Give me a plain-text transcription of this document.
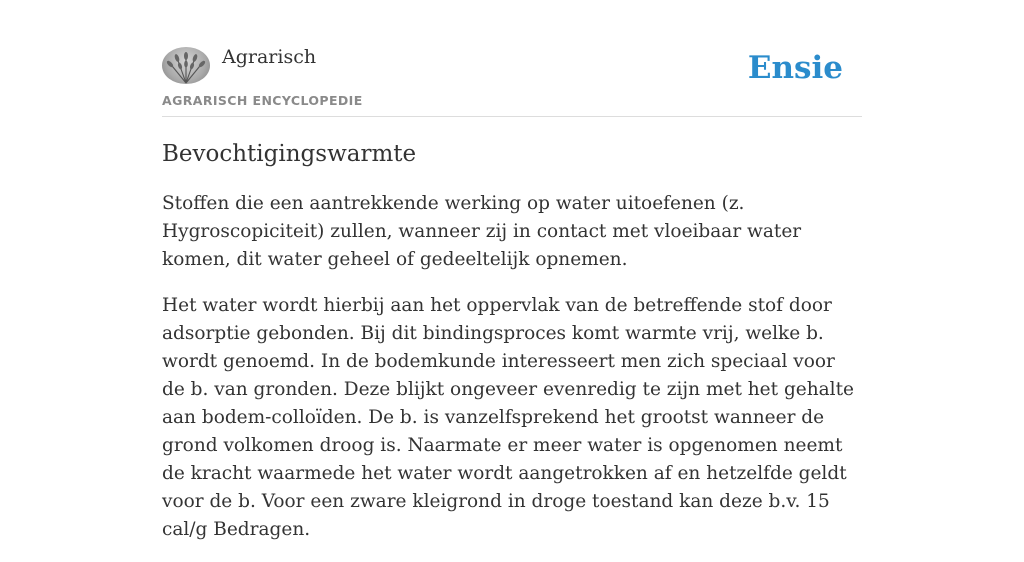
Agrarisch
AGRARISCH ENCYCLOPEDIE
Ensie
Bevochtigingswarmte

Stoffen die een aantrekkende werking op water uitoefenen (z. Hygroscopiciteit) zullen, wanneer zij in contact met vloeibaar water komen, dit water geheel of gedeeltelijk opnemen.

Het water wordt hierbij aan het oppervlak van de betreffende stof door adsorptie gebonden. Bij dit bindingsproces komt warmte vrij, welke b. wordt genoemd. In de bodemkunde interesseert men zich speciaal voor de b. van gronden. Deze blijkt ongeveer evenredig te zijn met het gehalte aan bodem-colloïden. De b. is vanzelfsprekend het grootst wanneer de grond volkomen droog is. Naarmate er meer water is opgenomen neemt de kracht waarmede het water wordt aangetrokken af en hetzelfde geldt voor de b. Voor een zware kleigrond in droge toestand kan deze b.v. 15 cal/g Bedragen.
